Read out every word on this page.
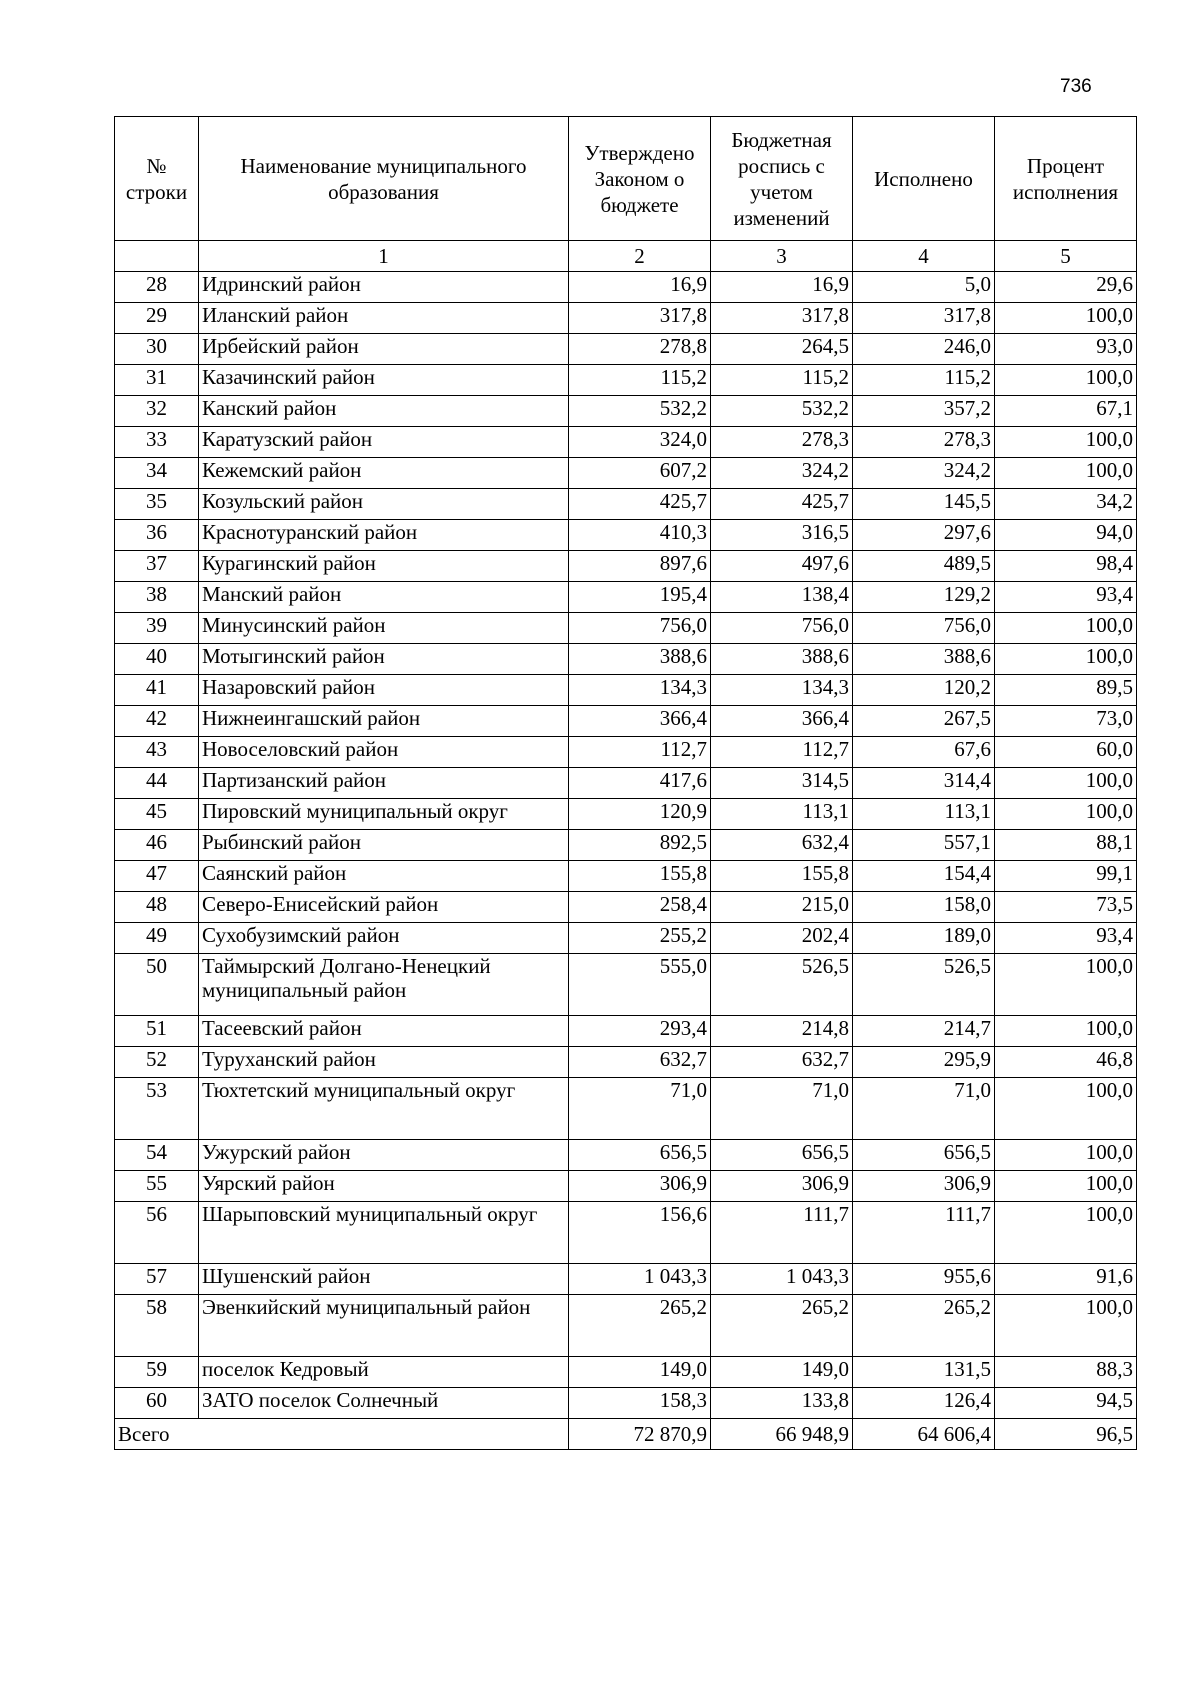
736
№ строки	Наименование муниципального образования	Утверждено Законом о бюджете	Бюджетная роспись с учетом изменений	Исполнено	Процент исполнения
	1	2	3	4	5
28	Идринский район	16,9	16,9	5,0	29,6
29	Иланский район	317,8	317,8	317,8	100,0
30	Ирбейский район	278,8	264,5	246,0	93,0
31	Казачинский район	115,2	115,2	115,2	100,0
32	Канский район	532,2	532,2	357,2	67,1
33	Каратузский район	324,0	278,3	278,3	100,0
34	Кежемский район	607,2	324,2	324,2	100,0
35	Козульский район	425,7	425,7	145,5	34,2
36	Краснотуранский район	410,3	316,5	297,6	94,0
37	Курагинский район	897,6	497,6	489,5	98,4
38	Манский район	195,4	138,4	129,2	93,4
39	Минусинский район	756,0	756,0	756,0	100,0
40	Мотыгинский район	388,6	388,6	388,6	100,0
41	Назаровский район	134,3	134,3	120,2	89,5
42	Нижнеингашский район	366,4	366,4	267,5	73,0
43	Новоселовский район	112,7	112,7	67,6	60,0
44	Партизанский район	417,6	314,5	314,4	100,0
45	Пировский муниципальный округ	120,9	113,1	113,1	100,0
46	Рыбинский район	892,5	632,4	557,1	88,1
47	Саянский район	155,8	155,8	154,4	99,1
48	Северо-Енисейский район	258,4	215,0	158,0	73,5
49	Сухобузимский район	255,2	202,4	189,0	93,4
50	Таймырский Долгано-Ненецкий муниципальный район	555,0	526,5	526,5	100,0
51	Тасеевский район	293,4	214,8	214,7	100,0
52	Туруханский район	632,7	632,7	295,9	46,8
53	Тюхтетский муниципальный округ	71,0	71,0	71,0	100,0
54	Ужурский район	656,5	656,5	656,5	100,0
55	Уярский район	306,9	306,9	306,9	100,0
56	Шарыповский муниципальный округ	156,6	111,7	111,7	100,0
57	Шушенский район	1 043,3	1 043,3	955,6	91,6
58	Эвенкийский муниципальный район	265,2	265,2	265,2	100,0
59	поселок Кедровый	149,0	149,0	131,5	88,3
60	ЗАТО поселок Солнечный	158,3	133,8	126,4	94,5
Всего		72 870,9	66 948,9	64 606,4	96,5
